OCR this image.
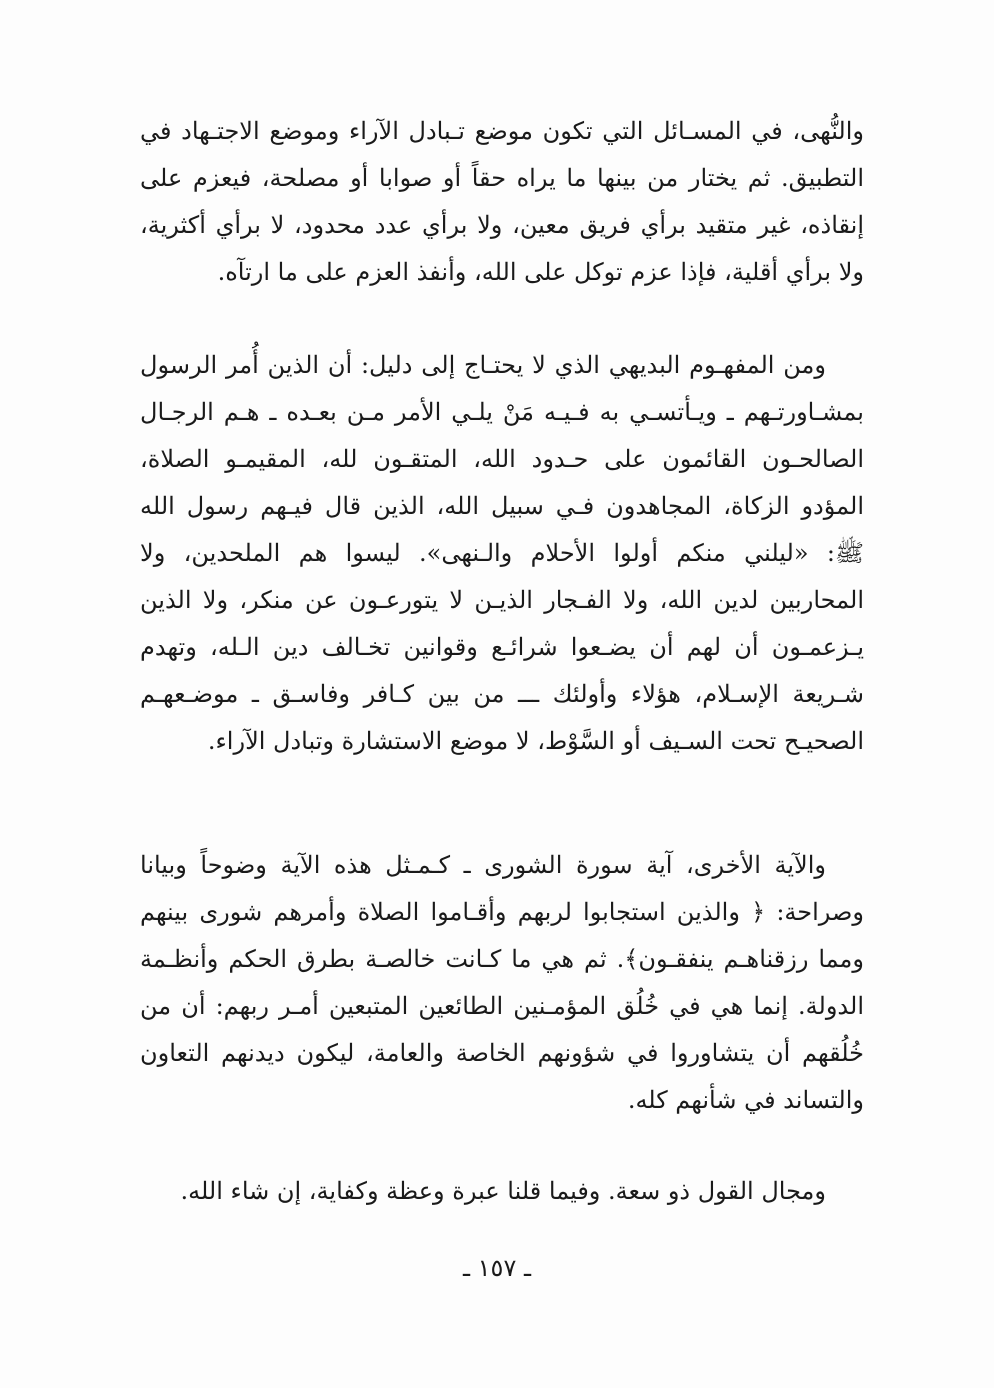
والنُّهى، في المسـائل التي تكون موضع تـبادل الآراء وموضع الاجتـهاد في التطبيق. ثم يختار من بينها ما يراه حقاً أو صوابا أو مصلحة، فيعزم على إنقاذه، غير متقيد برأي فريق معين، ولا برأي عدد محدود، لا برأي أكثرية، ولا برأي أقلية، فإذا عزم توكل على الله، وأنفذ العزم على ما ارتآه.

ومن المفهـوم البديهي الذي لا يحتـاج إلى دليل: أن الذين أُمر الرسول بمشـاورتـهم ـ ويـأتسـي به فـيـه مَنْ يلـي الأمر مـن بعـده ـ هـم الرجـال الصالحـون القائمون على حـدود الله، المتقـون لله، المقيمـو الصلاة، المؤدو الزكاة، المجاهدون فـي سبيل الله، الذين قال فيـهم رسول الله ﷺ: «ليلني منكم أولوا الأحلام والـنهى». ليسوا هم الملحدين، ولا المحاربين لدين الله، ولا الفـجار الذيـن لا يتورعـون عن منكر، ولا الذين يـزعمـون أن لهم أن يضـعوا شرائـع وقوانين تخـالف دين الـله، وتهدم شـريعة الإسـلام، هؤلاء وأولئك ـــ من بين كـافر وفاسـق ـ موضـعهـم الصحيـح تحت السـيف أو السَّوْط، لا موضع الاستشارة وتبادل الآراء.

والآية الأخرى، آية سورة الشورى ـ كـمـثل هذه الآية وضوحاً وبيانا وصراحة: ﴿ والذين استجابوا لربهم وأقـاموا الصلاة وأمرهم شورى بينهم ومما رزقناهـم ينفقـون﴾. ثم هي ما كـانت خالصـة بطرق الحكم وأنظـمة الدولة. إنما هي في خُلُق المؤمـنين الطائعين المتبعين أمـر ربهم: أن من خُلُقهم أن يتشاوروا في شؤونهم الخاصة والعامة، ليكون ديدنهم التعاون والتساند في شأنهم كله.

ومجال القول ذو سعة. وفيما قلنا عبرة وعظة وكفاية، إن شاء الله.

ـ ١٥٧ ـ
